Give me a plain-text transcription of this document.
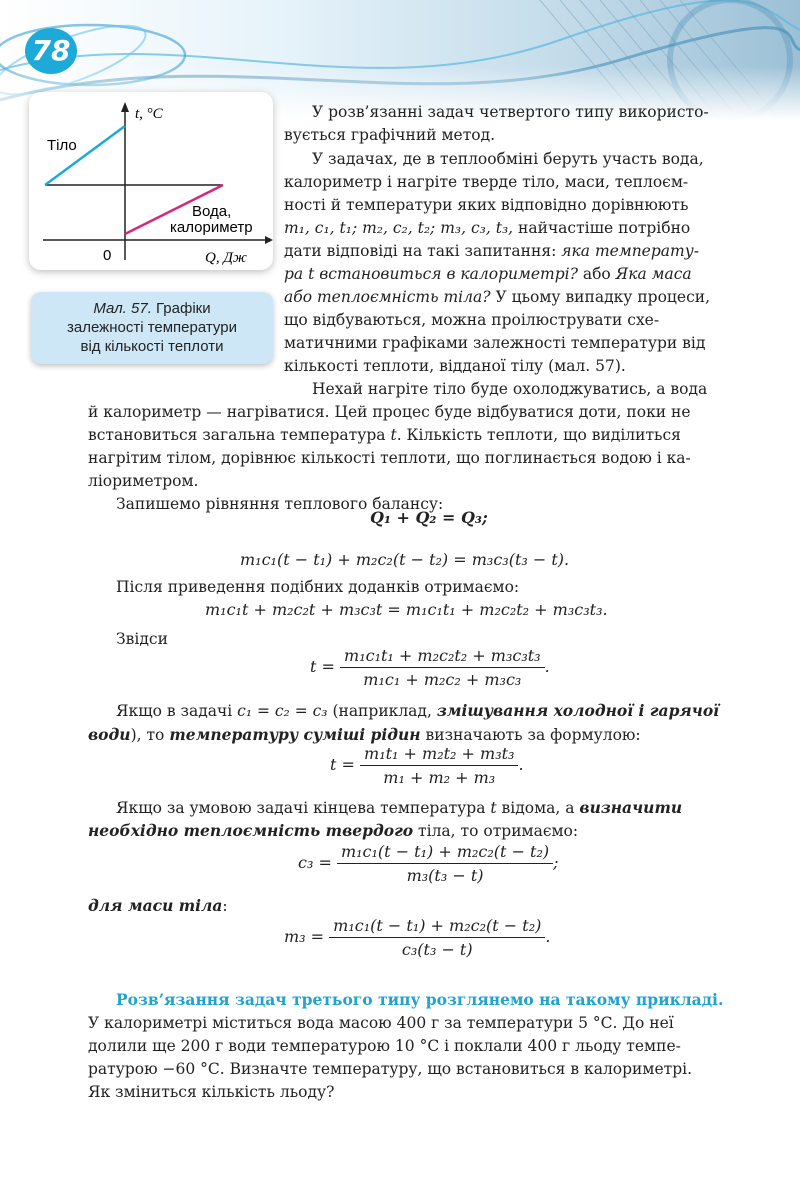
78
t, °C
Тіло
Вода,
калориметр
0	Q, Дж
Мал. 57. Графіки
залежності температури
від кількості теплоти
У розв’язанні задач четвертого типу використо-
вується графічний метод.
У задачах, де в теплообміні беруть участь вода,
калориметр і нагріте тверде тіло, маси, теплоєм-
ності й температури яких відповідно дорівнюють
m₁, c₁, t₁; m₂, c₂, t₂; m₃, c₃, t₃, найчастіше потрібно
дати відповіді на такі запитання: яка температу-
ра t встановиться в калориметрі? або Яка маса
або теплоємність тіла? У цьому випадку процеси,
що відбуваються, можна проілюструвати схе-
матичними графіками залежності температури від
кількості теплоти, відданої тілу (мал. 57).
Нехай нагріте тіло буде охолоджуватись, а вода
й калориметр — нагріватися. Цей процес буде відбуватися доти, поки не
встановиться загальна температура t. Кількість теплоти, що виділиться
нагрітим тілом, дорівнює кількості теплоти, що поглинається водою і ка-
ліориметром.
Запишемо рівняння теплового балансу:
Q₁ + Q₂ = Q₃;
m₁c₁(t − t₁) + m₂c₂(t − t₂) = m₃c₃(t₃ − t).
Після приведення подібних доданків отримаємо:
m₁c₁t + m₂c₂t + m₃c₃t = m₁c₁t₁ + m₂c₂t₂ + m₃c₃t₃.
Звідси
$t = \frac{\text{m₁c₁t₁ + m₂c₂t₂ + m₃c₃t₃}}{\text{m₁c₁ + m₂c₂ + m₃c₃}}$ .
Якщо в задачі c₁ = c₂ = c₃ (наприклад, змішування холодної і гарячої
води), то температуру суміші рідин визначають за формулою:
$t = \frac{\text{m₁t₁ + m₂t₂ + m₃t₃}}{\text{m₁ + m₂ + m₃}}$ .
Якщо за умовою задачі кінцева температура t відома, а визначити
необхідно теплоємність твердого тіла, то отримаємо:
$c_3 = \frac{\text{m₁c₁(t − t₁) + m₂c₂(t − t₂)}}{\text{m₃(t₃ − t)}}$ ;
для маси тіла:
$m_3 = \frac{\text{m₁c₁(t − t₁) + m₂c₂(t − t₂)}}{\text{c₃(t₃ − t)}}$ .
Розв’язання задач третього типу розглянемо на такому прикладі.
У калориметрі міститься вода масою 400 г за температури 5 °С. До неї
долили ще 200 г води температурою 10 °С і поклали 400 г льоду темпе-
ратурою −60 °С. Визначте температуру, що встановиться в калориметрі.
Як зміниться кількість льоду?
